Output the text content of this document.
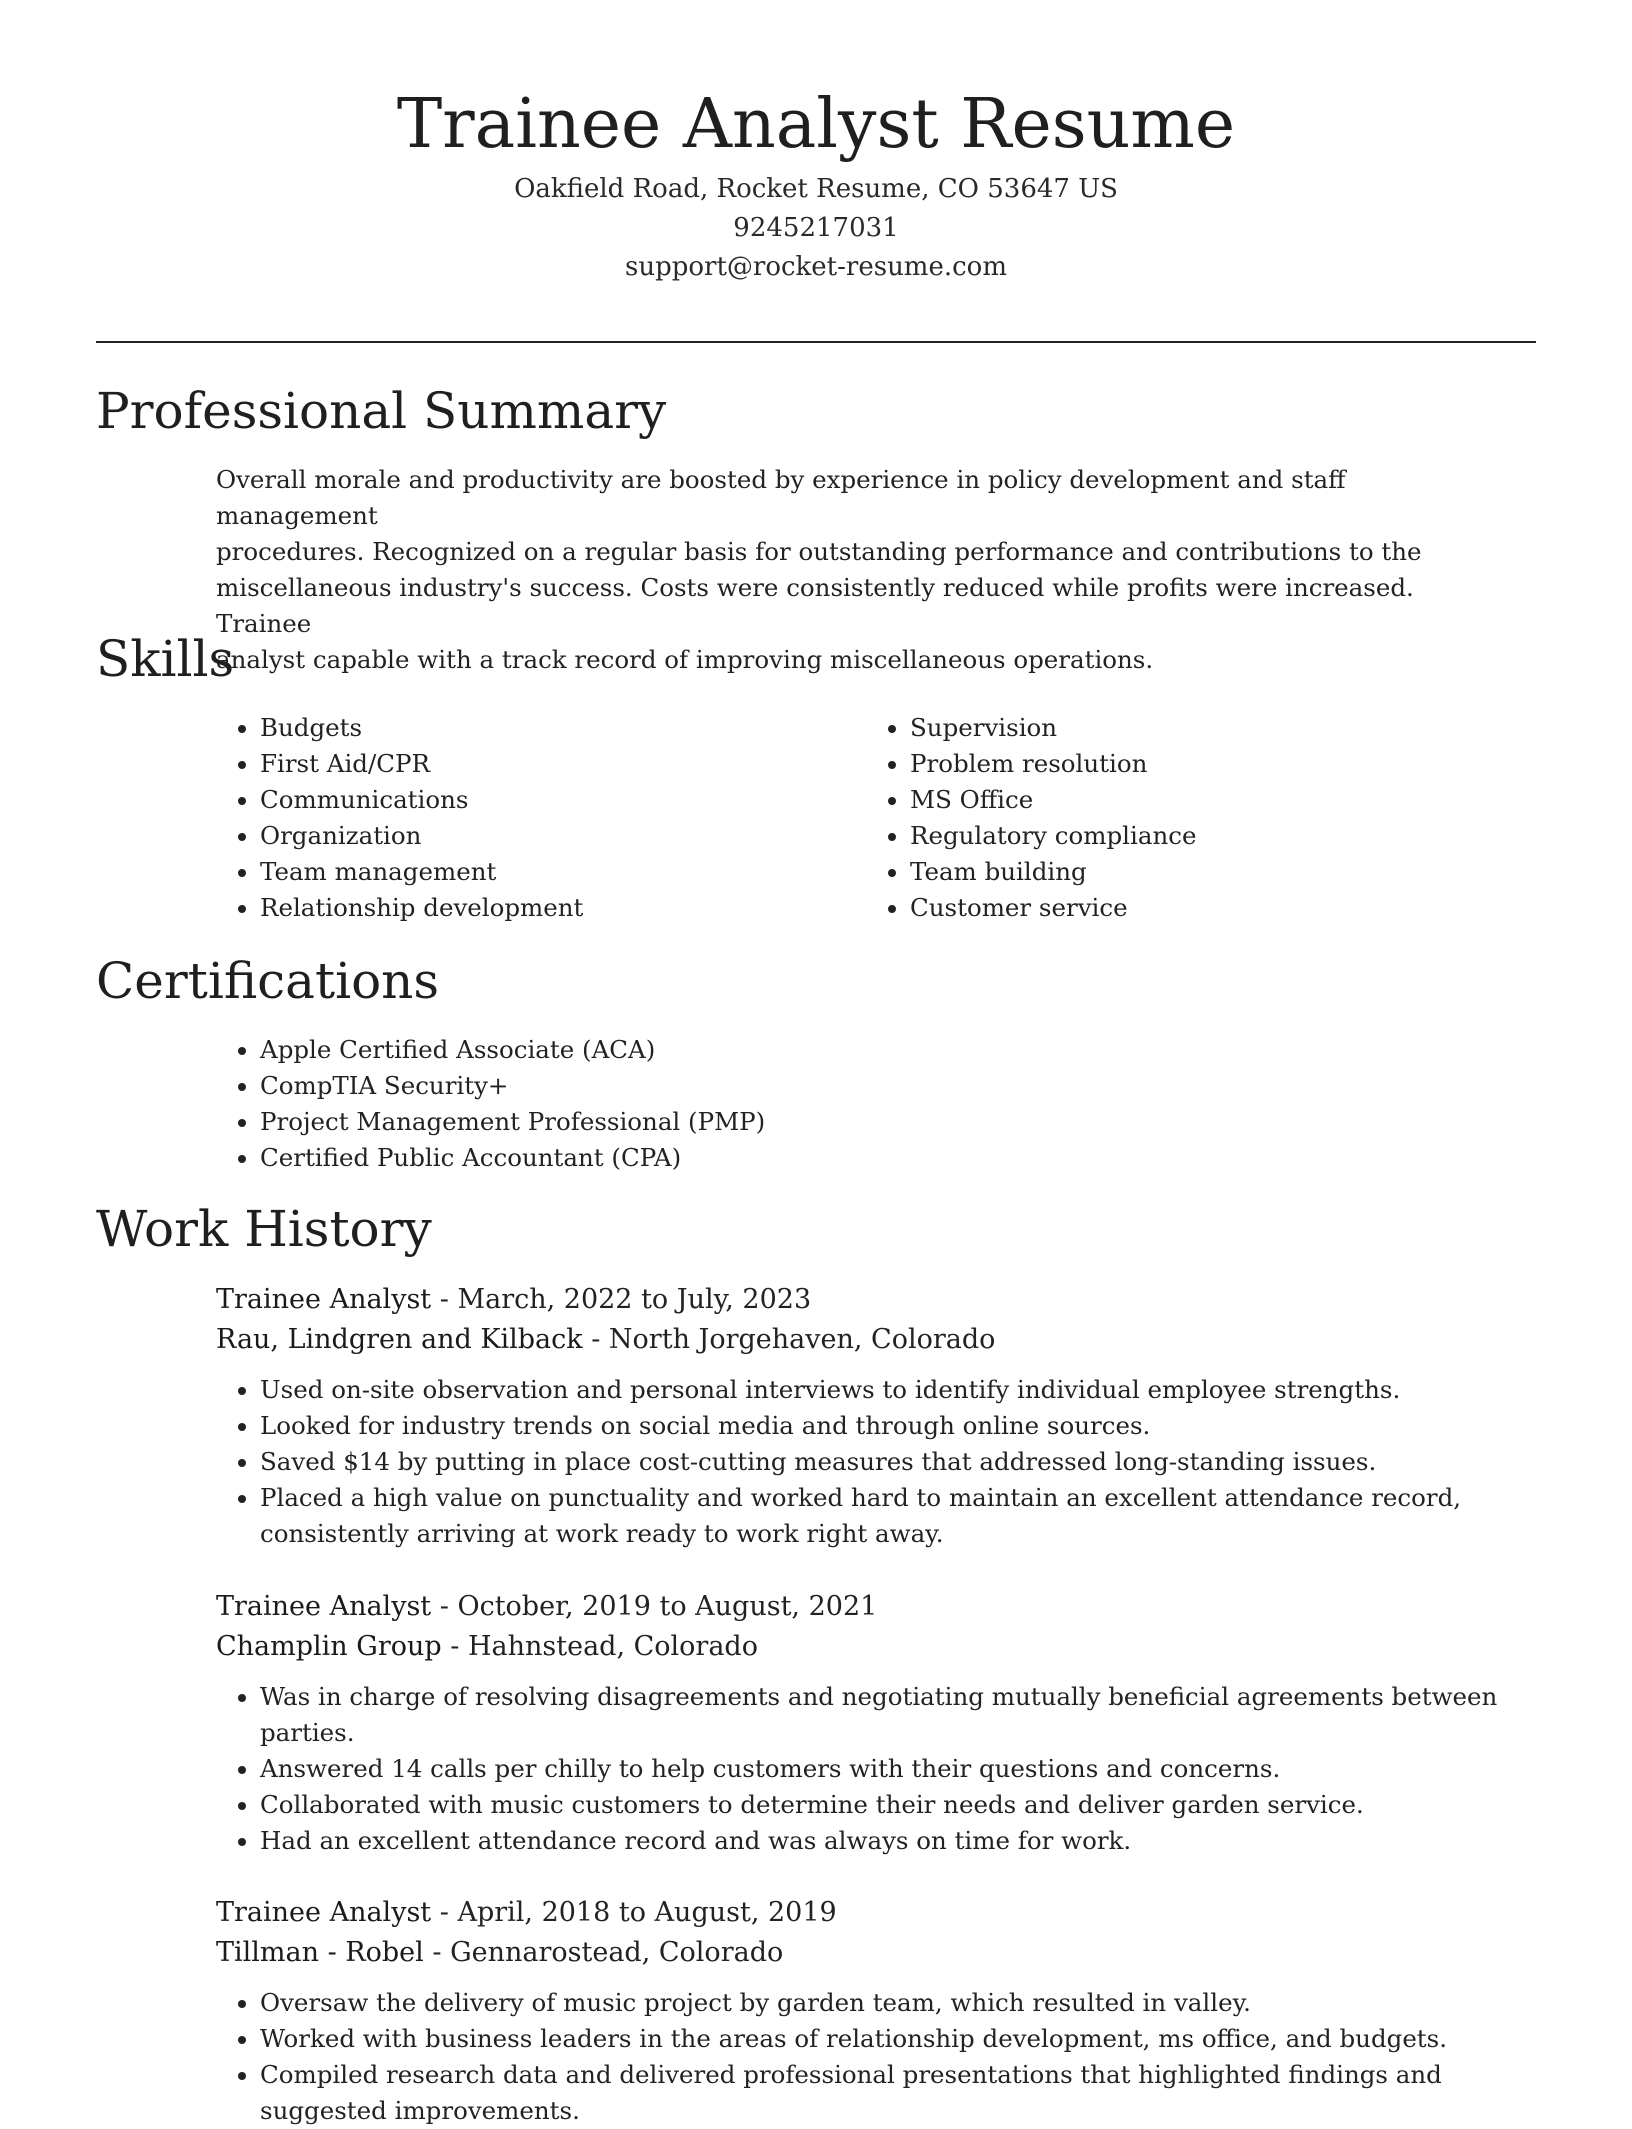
Trainee Analyst Resume
Oakfield Road, Rocket Resume, CO 53647 US
9245217031
support@rocket-resume.com
Professional Summary
Overall morale and productivity are boosted by experience in policy development and staff management
procedures. Recognized on a regular basis for outstanding performance and contributions to the
miscellaneous industry's success. Costs were consistently reduced while profits were increased. Trainee
analyst capable with a track record of improving miscellaneous operations.
Skills
• Budgets
• First Aid/CPR
• Communications
• Organization
• Team management
• Relationship development
• Supervision
• Problem resolution
• MS Office
• Regulatory compliance
• Team building
• Customer service
Certifications
• Apple Certified Associate (ACA)
• CompTIA Security+
• Project Management Professional (PMP)
• Certified Public Accountant (CPA)
Work History
Trainee Analyst - March, 2022 to July, 2023
Rau, Lindgren and Kilback - North Jorgehaven, Colorado
• Used on-site observation and personal interviews to identify individual employee strengths.
• Looked for industry trends on social media and through online sources.
• Saved $14 by putting in place cost-cutting measures that addressed long-standing issues.
• Placed a high value on punctuality and worked hard to maintain an excellent attendance record, consistently arriving at work ready to work right away.
Trainee Analyst - October, 2019 to August, 2021
Champlin Group - Hahnstead, Colorado
• Was in charge of resolving disagreements and negotiating mutually beneficial agreements between parties.
• Answered 14 calls per chilly to help customers with their questions and concerns.
• Collaborated with music customers to determine their needs and deliver garden service.
• Had an excellent attendance record and was always on time for work.
Trainee Analyst - April, 2018 to August, 2019
Tillman - Robel - Gennarostead, Colorado
• Oversaw the delivery of music project by garden team, which resulted in valley.
• Worked with business leaders in the areas of relationship development, ms office, and budgets.
• Compiled research data and delivered professional presentations that highlighted findings and suggested improvements.
